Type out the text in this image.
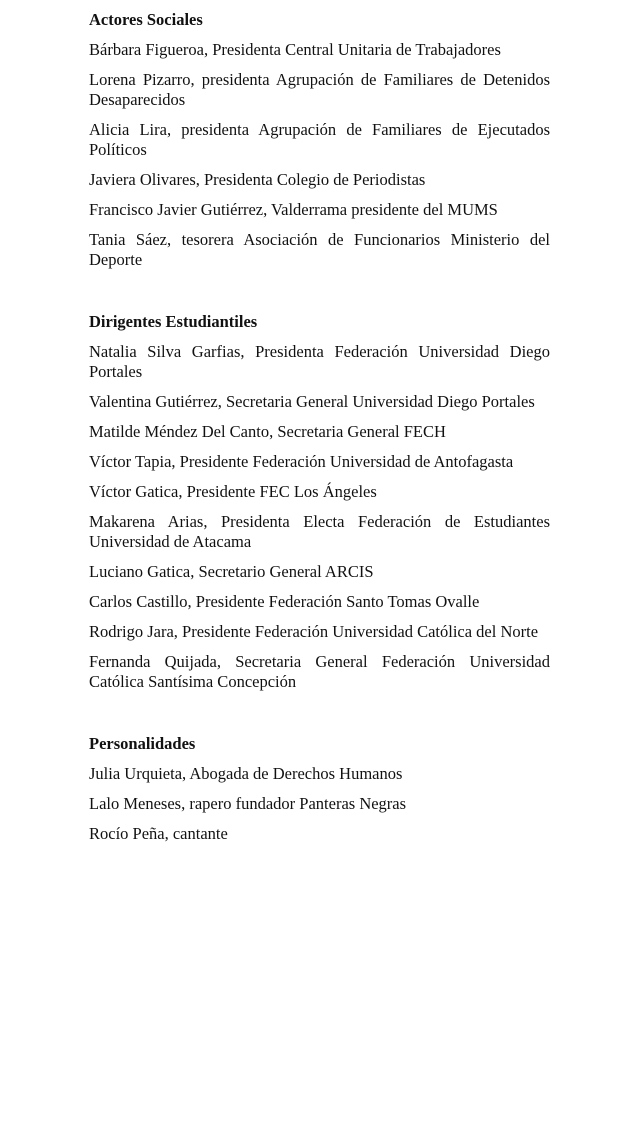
Actores Sociales
Bárbara Figueroa, Presidenta Central Unitaria de Trabajadores
Lorena Pizarro, presidenta Agrupación de Familiares de Detenidos Desaparecidos
Alicia Lira, presidenta Agrupación de Familiares de Ejecutados Políticos
Javiera Olivares, Presidenta Colegio de Periodistas
Francisco Javier Gutiérrez, Valderrama presidente del MUMS
Tania Sáez, tesorera Asociación de Funcionarios Ministerio del Deporte
Dirigentes Estudiantiles
Natalia Silva Garfias, Presidenta Federación Universidad Diego Portales
Valentina Gutiérrez, Secretaria General Universidad Diego Portales
Matilde Méndez Del Canto, Secretaria General FECH
Víctor Tapia, Presidente Federación Universidad de Antofagasta
Víctor Gatica, Presidente FEC Los Ángeles
Makarena Arias, Presidenta Electa Federación de Estudiantes Universidad de Atacama
Luciano Gatica, Secretario General ARCIS
Carlos Castillo, Presidente Federación Santo Tomas Ovalle
Rodrigo Jara, Presidente Federación Universidad Católica del Norte
Fernanda Quijada, Secretaria General Federación Universidad Católica Santísima Concepción
Personalidades
Julia Urquieta, Abogada de Derechos Humanos
Lalo Meneses, rapero fundador Panteras Negras
Rocío Peña, cantante
